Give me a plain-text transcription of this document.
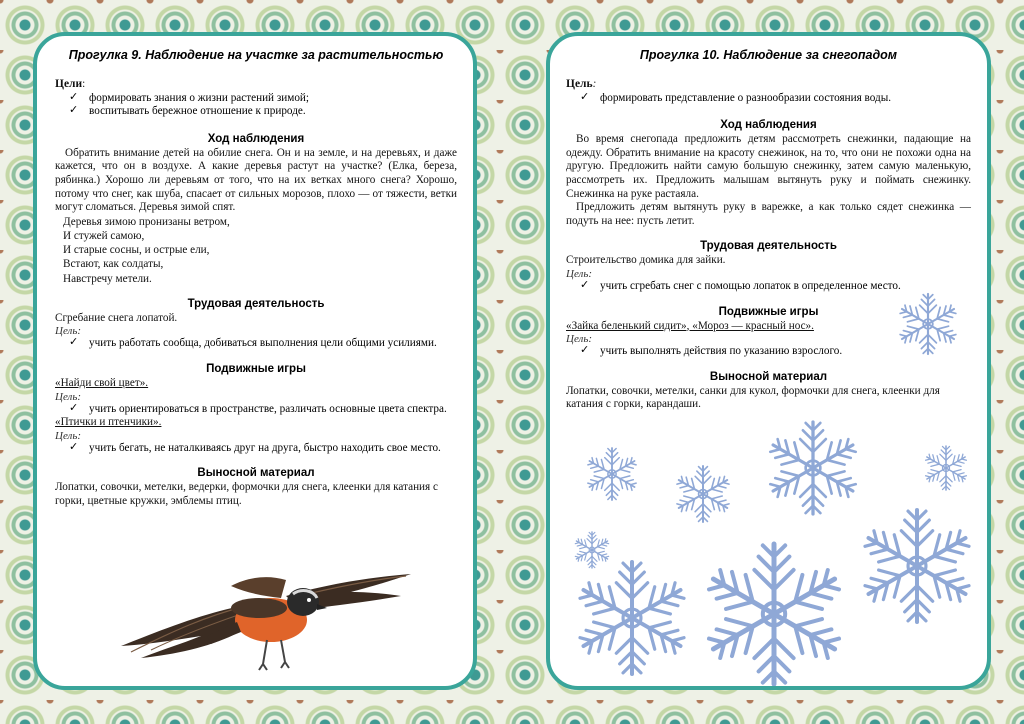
Прогулка 9. Наблюдение на участке за растительностью
Цели:
✓ формировать знания о жизни растений зимой;
✓ воспитывать бережное отношение к природе.
Ход наблюдения

Обратить внимание детей на обилие снега. Он и на земле, и на деревьях, и даже кажется, что он в воздухе. А какие деревья растут на участке? (Елка, береза, рябинка.) Хорошо ли деревьям от того, что на их ветках много снега? Хорошо, потому что снег, как шуба, спасает от сильных морозов, плохо — от тяжести, ветки могут сломаться. Деревья зимой спят.

Деревья зимою пронизаны ветром,
И стужей самою,
И старые сосны, и острые ели,
Встают, как солдаты,
Навстречу метели.
Трудовая деятельность
Сгребание снега лопатой.
Цель:
✓ учить работать сообща, добиваться выполнения цели общими усилиями.
Подвижные игры
«Найди свой цвет».
Цель:
✓ учить ориентироваться в пространстве, различать основные цвета спектра.
«Птички и птенчики».
Цель:
✓ учить бегать, не наталкиваясь друг на друга, быстро находить свое место.
Выносной материал
Лопатки, совочки, метелки, ведерки, формочки для снега, клеенки для катания с горки, цветные кружки, эмблемы птиц.
Прогулка 10. Наблюдение за снегопадом
Цель:
✓ формировать представление о разнообразии состояния воды.
Ход наблюдения

Во время снегопада предложить детям рассмотреть снежинки, падающие на одежду. Обратить внимание на красоту снежинок, на то, что они не похожи одна на другую. Предложить найти самую большую снежинку, затем самую маленькую, рассмотреть их. Предложить малышам вытянуть руку и поймать снежинку. Снежинка на руке растаяла.

Предложить детям вытянуть руку в варежке, а как только сядет снежинка — подуть на нее: пусть летит.

Трудовая деятельность
Строительство домика для зайки.
Цель:
✓ учить сгребать снег с помощью лопаток в определенное место.
Подвижные игры
«Зайка беленький сидит», «Мороз — красный нос».
Цель:
✓ учить выполнять действия по указанию взрослого.
Выносной материал
Лопатки, совочки, метелки, санки для кукол, формочки для снега, клеенки для катания с горки, карандаши.
